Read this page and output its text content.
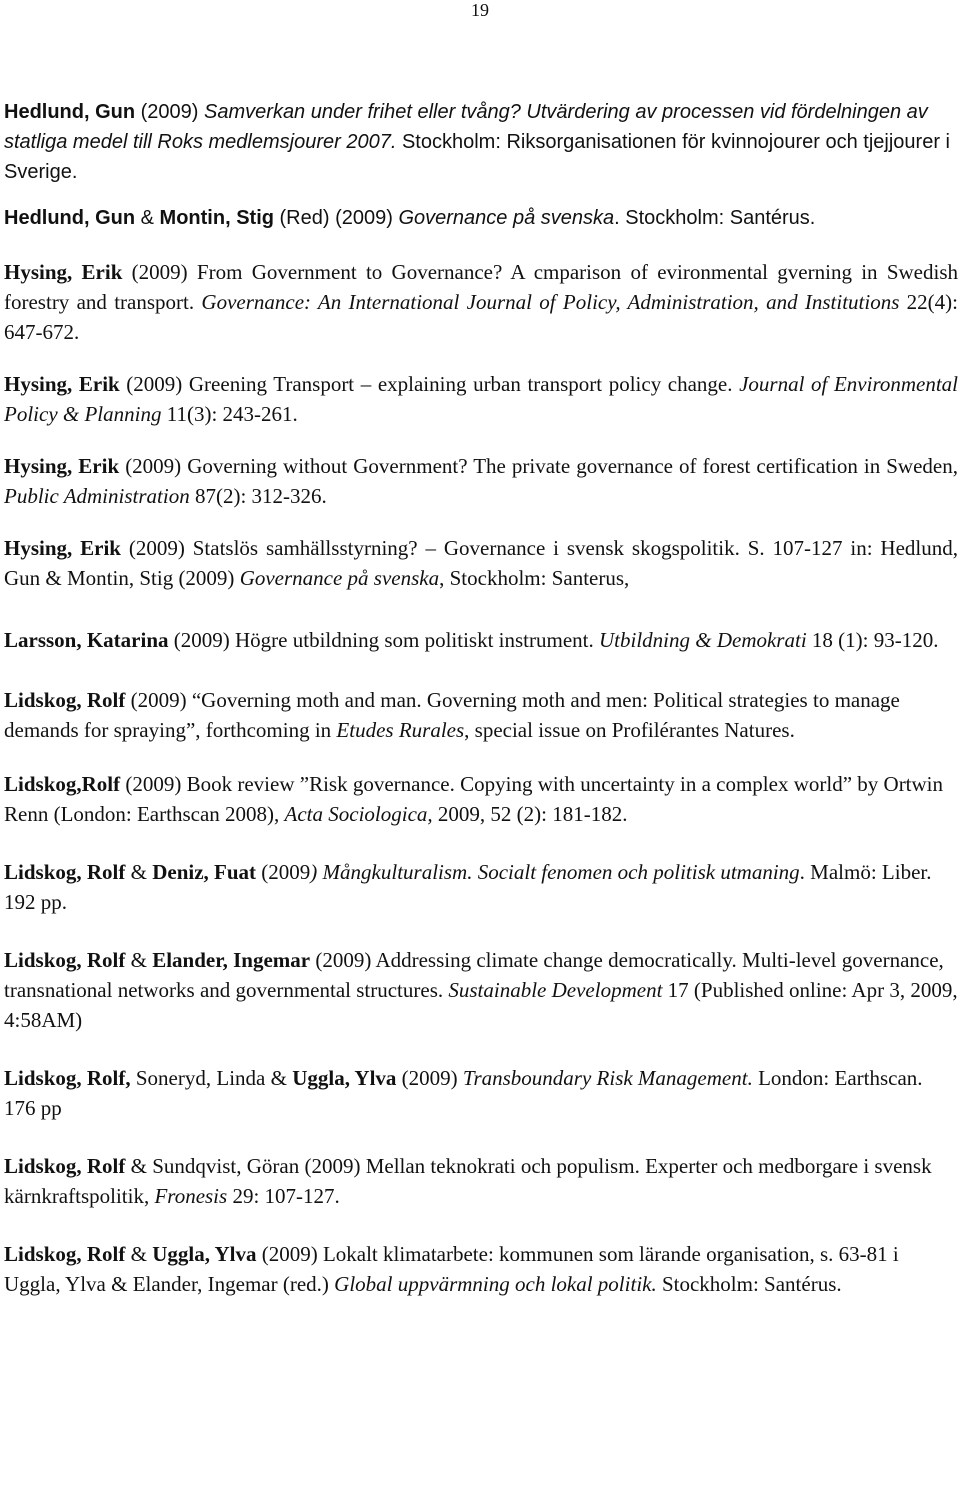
19

Hedlund, Gun (2009) Samverkan under frihet eller tvång? Utvärdering av processen vid fördelningen av statliga medel till Roks medlemsjourer 2007. Stockholm: Riksorganisationen för kvinnojourer och tjejjourer i Sverige.

Hedlund, Gun & Montin, Stig (Red) (2009) Governance på svenska. Stockholm: Santérus.

Hysing, Erik (2009) From Government to Governance? A cmparison of evironmental gverning in Swedish forestry and transport. Governance: An International Journal of Policy, Administration, and Institutions 22(4): 647-672.

Hysing, Erik (2009) Greening Transport – explaining urban transport policy change. Journal of Environmental Policy & Planning 11(3): 243-261.

Hysing, Erik (2009) Governing without Government? The private governance of forest certification in Sweden, Public Administration 87(2): 312-326.

Hysing, Erik (2009) Statslös samhällsstyrning? – Governance i svensk skogspolitik. S. 107-127 in: Hedlund, Gun & Montin, Stig (2009) Governance på svenska, Stockholm: Santerus,

Larsson, Katarina (2009) Högre utbildning som politiskt instrument. Utbildning & Demokrati 18 (1): 93-120.

Lidskog, Rolf (2009) “Governing moth and man. Governing moth and men: Political strategies to manage demands for spraying”, forthcoming in Etudes Rurales, special issue on Profilérantes Natures.

Lidskog,Rolf (2009) Book review ”Risk governance. Copying with uncertainty in a complex world” by Ortwin Renn (London: Earthscan 2008), Acta Sociologica, 2009, 52 (2): 181-182.

Lidskog, Rolf & Deniz, Fuat (2009) Mångkulturalism. Socialt fenomen och politisk utmaning. Malmö: Liber. 192 pp.

Lidskog, Rolf & Elander, Ingemar (2009) Addressing climate change democratically. Multi-level governance, transnational networks and governmental structures. Sustainable Development 17 (Published online: Apr 3, 2009, 4:58AM)

Lidskog, Rolf, Soneryd, Linda & Uggla, Ylva (2009) Transboundary Risk Management. London: Earthscan. 176 pp

Lidskog, Rolf & Sundqvist, Göran (2009) Mellan teknokrati och populism. Experter och medborgare i svensk kärnkraftspolitik, Fronesis 29: 107-127.

Lidskog, Rolf & Uggla, Ylva (2009) Lokalt klimatarbete: kommunen som lärande organisation, s. 63-81 i Uggla, Ylva & Elander, Ingemar (red.) Global uppvärmning och lokal politik. Stockholm: Santérus.
